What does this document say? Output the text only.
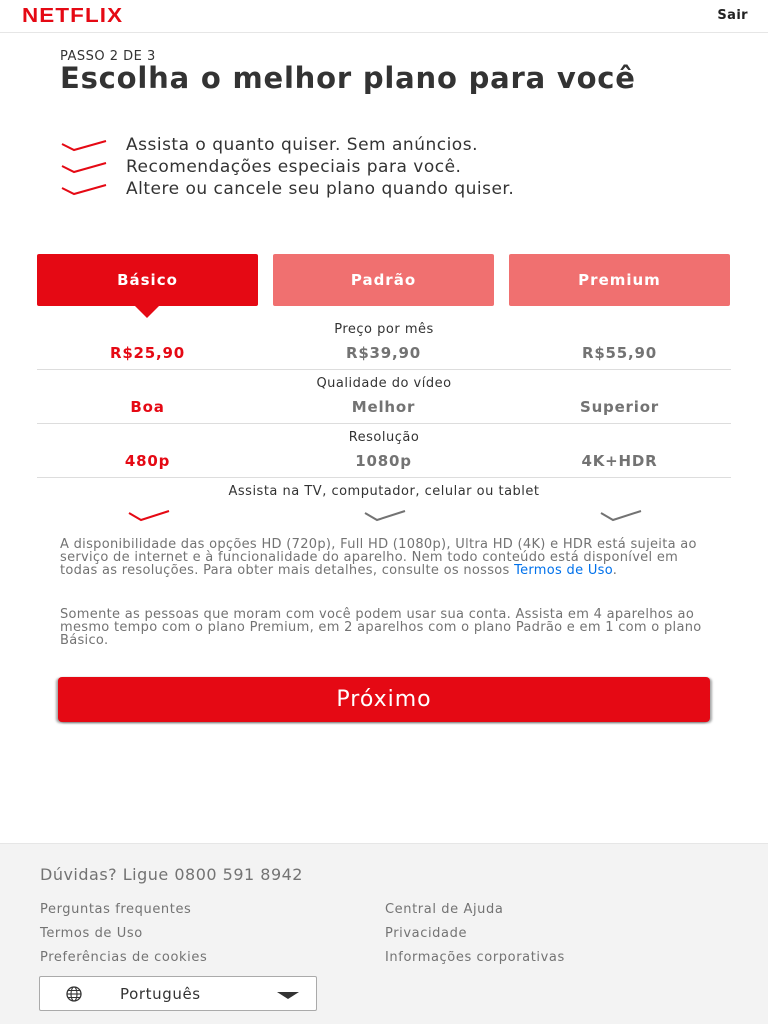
NETFLIX	Sair
PASSO 2 DE 3
Escolha o melhor plano para você
Assista o quanto quiser. Sem anúncios.
Recomendações especiais para você.
Altere ou cancele seu plano quando quiser.
Básico	Padrão	Premium
Preço por mês
R$25,90	R$39,90	R$55,90
Qualidade do vídeo
Boa	Melhor	Superior
Resolução
480p	1080p	4K+HDR
Assista na TV, computador, celular ou tablet

A disponibilidade das opções HD (720p), Full HD (1080p), Ultra HD (4K) e HDR está sujeita ao serviço de internet e à funcionalidade do aparelho. Nem todo conteúdo está disponível em todas as resoluções. Para obter mais detalhes, consulte os nossos Termos de Uso.

Somente as pessoas que moram com você podem usar sua conta. Assista em 4 aparelhos ao mesmo tempo com o plano Premium, em 2 aparelhos com o plano Padrão e em 1 com o plano Básico.

Próximo
Dúvidas? Ligue 0800 591 8942
Perguntas frequentes	Central de Ajuda
Termos de Uso	Privacidade
Preferências de cookies	Informações corporativas
Português
